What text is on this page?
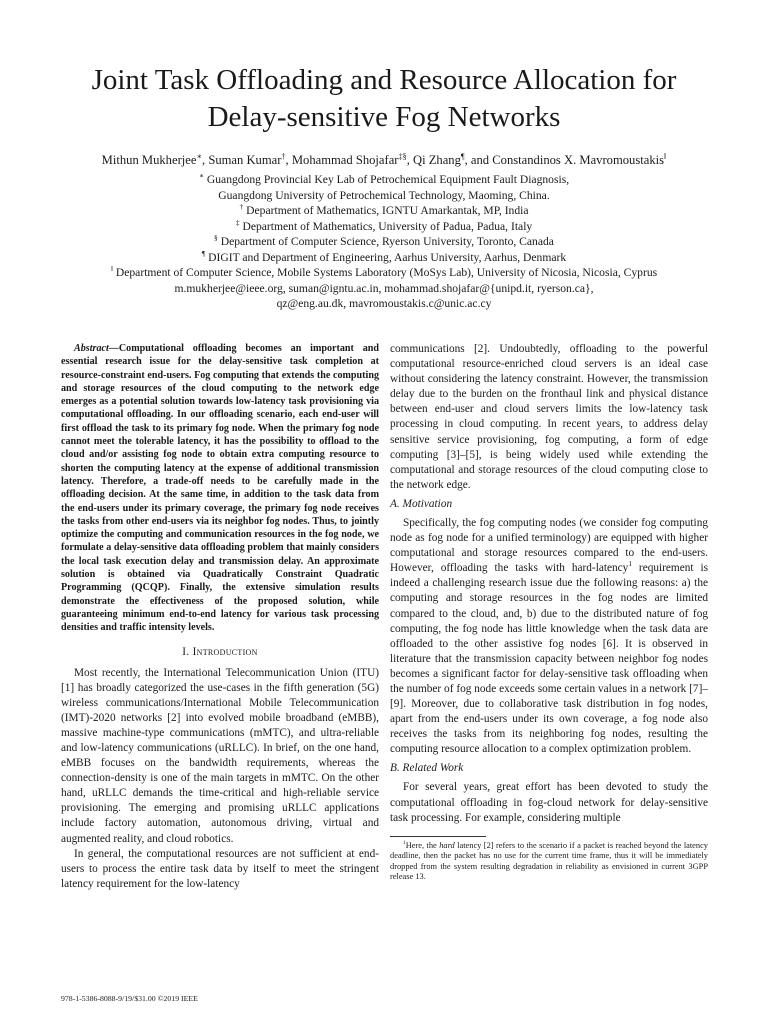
Joint Task Offloading and Resource Allocation for
Delay-sensitive Fog Networks

Mithun Mukherjee∗, Suman Kumar†, Mohammad Shojafar‡§, Qi Zhang¶, and Constandinos X. Mavromoustakis‖

∗ Guangdong Provincial Key Lab of Petrochemical Equipment Fault Diagnosis,
Guangdong University of Petrochemical Technology, Maoming, China.
† Department of Mathematics, IGNTU Amarkantak, MP, India
‡ Department of Mathematics, University of Padua, Padua, Italy
§ Department of Computer Science, Ryerson University, Toronto, Canada
¶ DIGIT and Department of Engineering, Aarhus University, Aarhus, Denmark
‖ Department of Computer Science, Mobile Systems Laboratory (MoSys Lab), University of Nicosia, Nicosia, Cyprus
m.mukherjee@ieee.org, suman@igntu.ac.in, mohammad.shojafar@{unipd.it, ryerson.ca},
qz@eng.au.dk, mavromoustakis.c@unic.ac.cy

Abstract—Computational offloading becomes an important and essential research issue for the delay-sensitive task completion at resource-constraint end-users. Fog computing that extends the computing and storage resources of the cloud computing to the network edge emerges as a potential solution towards low-latency task provisioning via computational offloading. In our offloading scenario, each end-user will first offload the task to its primary fog node. When the primary fog node cannot meet the tolerable latency, it has the possibility to offload to the cloud and/or assisting fog node to obtain extra computing resource to shorten the computing latency at the expense of additional transmission latency. Therefore, a trade-off needs to be carefully made in the offloading decision. At the same time, in addition to the task data from the end-users under its primary coverage, the primary fog node receives the tasks from other end-users via its neighbor fog nodes. Thus, to jointly optimize the computing and communication resources in the fog node, we formulate a delay-sensitive data offloading problem that mainly considers the local task execution delay and transmission delay. An approximate solution is obtained via Quadratically Constraint Quadratic Programming (QCQP). Finally, the extensive simulation results demonstrate the effectiveness of the proposed solution, while guaranteeing minimum end-to-end latency for various task processing densities and traffic intensity levels.

I. Introduction

Most recently, the International Telecommunication Union (ITU) [1] has broadly categorized the use-cases in the fifth generation (5G) wireless communications/International Mobile Telecommunication (IMT)-2020 networks [2] into evolved mobile broadband (eMBB), massive machine-type communications (mMTC), and ultra-reliable and low-latency communications (uRLLC). In brief, on the one hand, eMBB focuses on the bandwidth requirements, whereas the connection-density is one of the main targets in mMTC. On the other hand, uRLLC demands the time-critical and high-reliable service provisioning. The emerging and promising uRLLC applications include factory automation, autonomous driving, virtual and augmented reality, and cloud robotics.

In general, the computational resources are not sufficient at end-users to process the entire task data by itself to meet the stringent latency requirement for the low-latency

communications [2]. Undoubtedly, offloading to the powerful computational resource-enriched cloud servers is an ideal case without considering the latency constraint. However, the transmission delay due to the burden on the fronthaul link and physical distance between end-user and cloud servers limits the low-latency task processing in cloud computing. In recent years, to address delay sensitive service provisioning, fog computing, a form of edge computing [3]–[5], is being widely used while extending the computational and storage resources of the cloud computing close to the network edge.

A. Motivation

Specifically, the fog computing nodes (we consider fog computing node as fog node for a unified terminology) are equipped with higher computational and storage resources compared to the end-users. However, offloading the tasks with hard-latency$^1$ requirement is indeed a challenging research issue due the following reasons: a) the computing and storage resources in the fog nodes are limited compared to the cloud, and, b) due to the distributed nature of fog computing, the fog node has little knowledge when the task data are offloaded to the other assistive fog nodes [6]. It is observed in literature that the transmission capacity between neighbor fog nodes becomes a significant factor for delay-sensitive task offloading when the number of fog node exceeds some certain values in a network [7]–[9]. Moreover, due to collaborative task distribution in fog nodes, apart from the end-users under its own coverage, a fog node also receives the tasks from its neighboring fog nodes, resulting the computing resource allocation to a complex optimization problem.

B. Related Work

For several years, great effort has been devoted to study the computational offloading in fog-cloud network for delay-sensitive task processing. For example, considering multiple

$^1$Here, the hard latency [2] refers to the scenario if a packet is reached beyond the latency deadline, then the packet has no use for the current time frame, thus it will be immediately dropped from the system resulting degradation in reliability as envisioned in current 3GPP release 13.

978-1-5386-8088-9/19/$31.00 ©2019 IEEE
